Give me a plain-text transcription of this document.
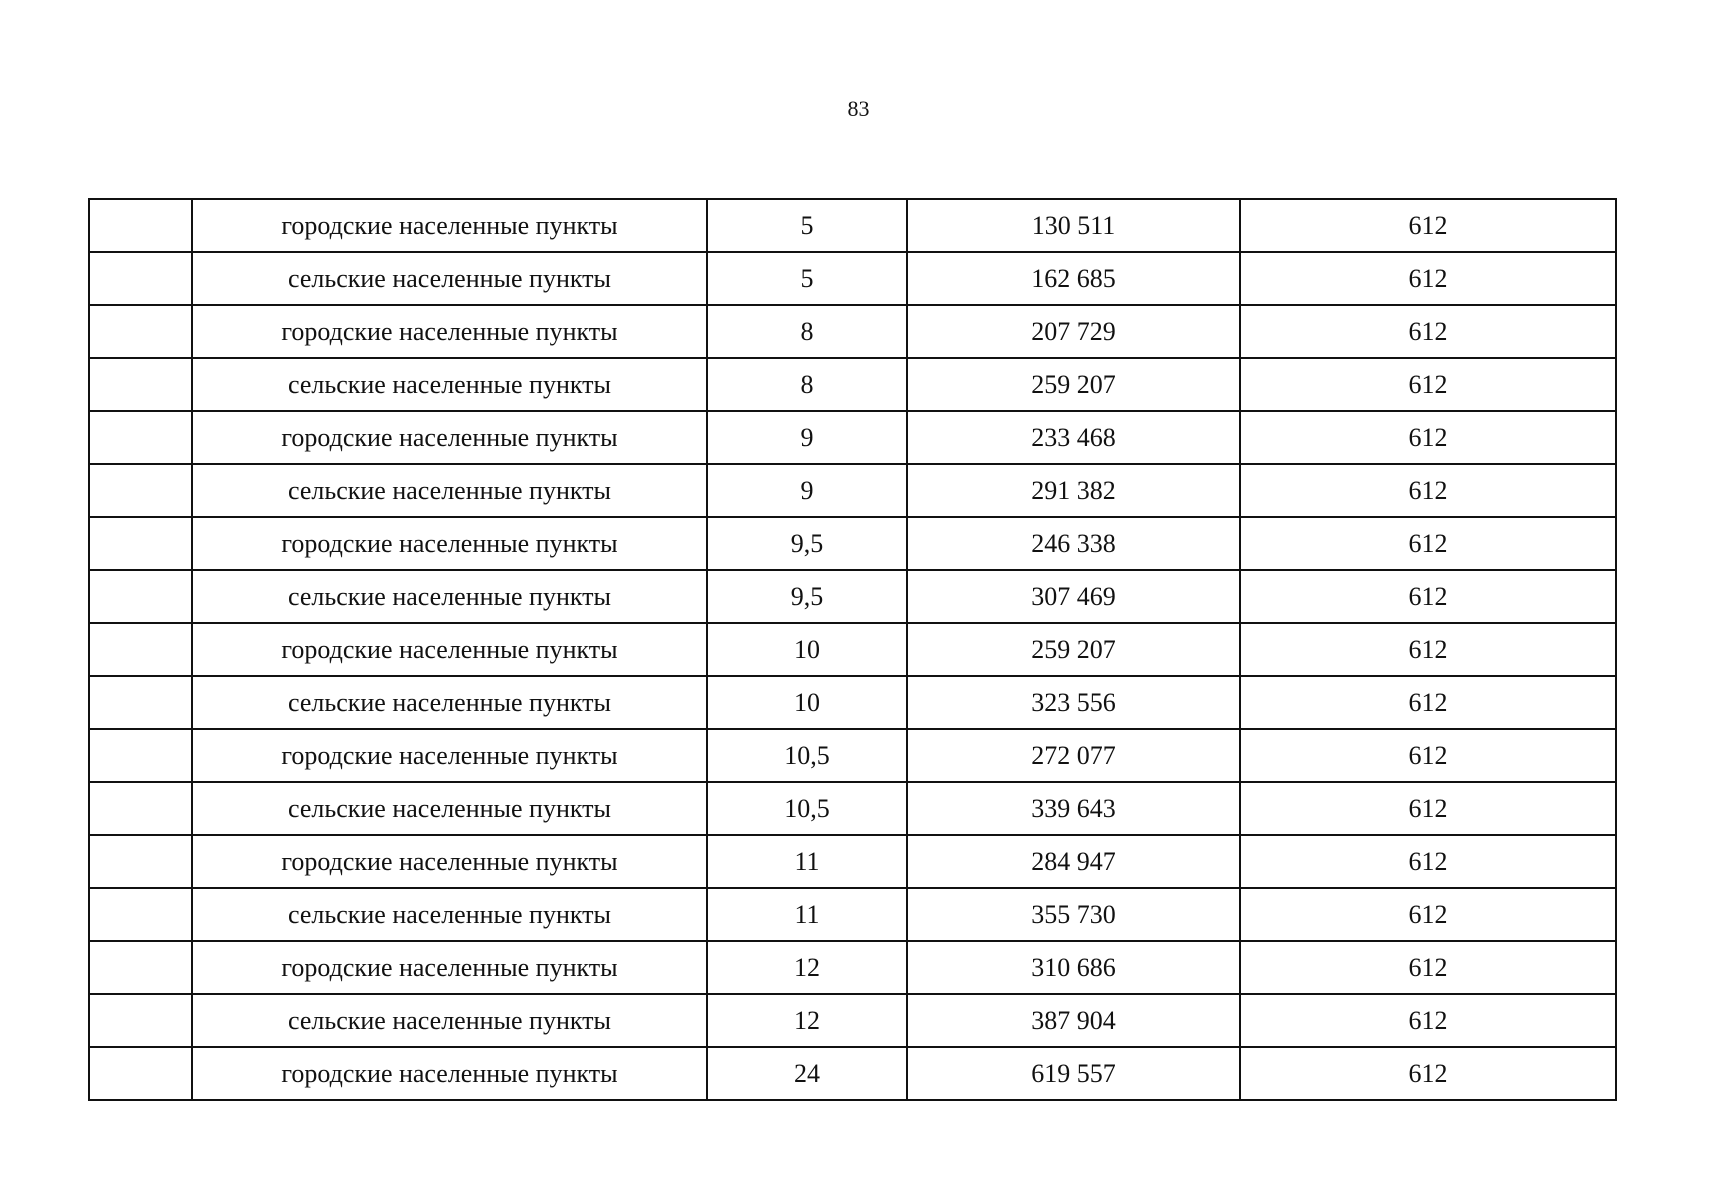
83
	городские населенные пункты	5	130 511	612
	сельские населенные пункты	5	162 685	612
	городские населенные пункты	8	207 729	612
	сельские населенные пункты	8	259 207	612
	городские населенные пункты	9	233 468	612
	сельские населенные пункты	9	291 382	612
	городские населенные пункты	9,5	246 338	612
	сельские населенные пункты	9,5	307 469	612
	городские населенные пункты	10	259 207	612
	сельские населенные пункты	10	323 556	612
	городские населенные пункты	10,5	272 077	612
	сельские населенные пункты	10,5	339 643	612
	городские населенные пункты	11	284 947	612
	сельские населенные пункты	11	355 730	612
	городские населенные пункты	12	310 686	612
	сельские населенные пункты	12	387 904	612
	городские населенные пункты	24	619 557	612
